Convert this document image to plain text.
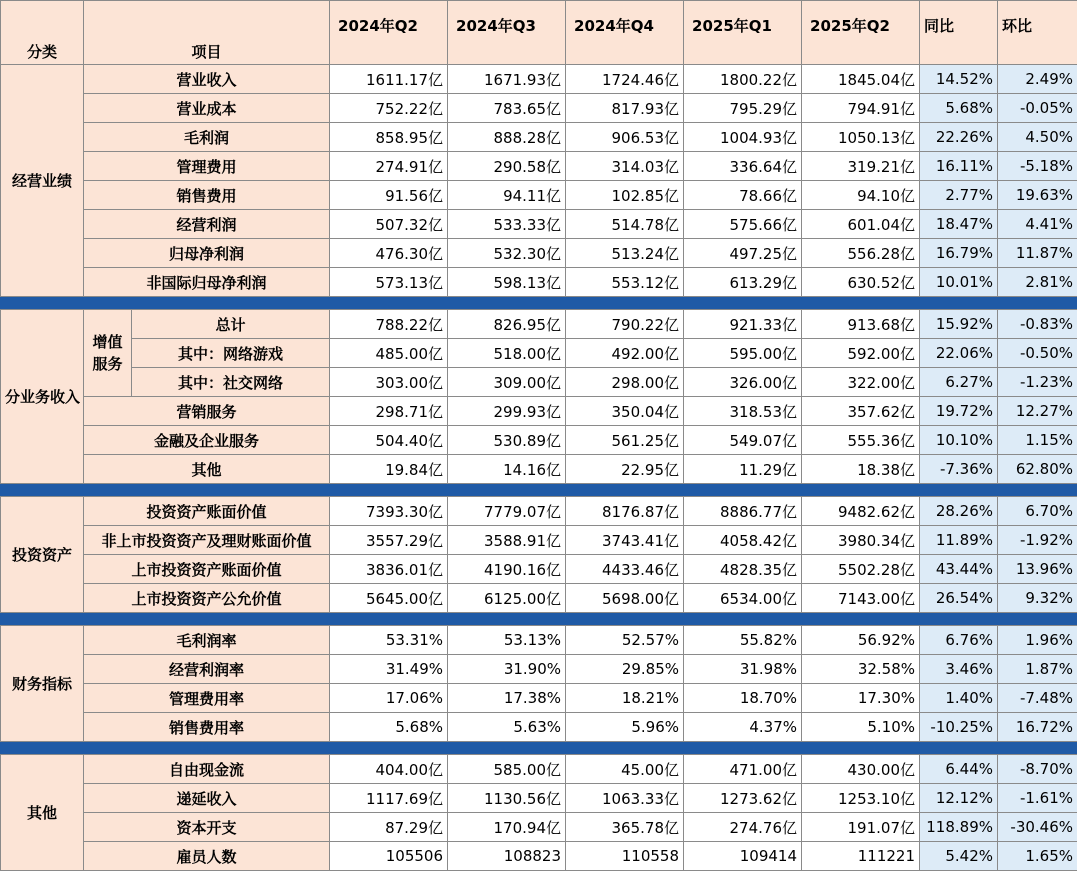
分类	项目		2024年Q2	2024年Q3	2024年Q4	2025年Q1	2025年Q2	同比	环比
经营业绩	营业收入		1611.17亿	1671.93亿	1724.46亿	1800.22亿	1845.04亿	14.52%	2.49%
	营业成本		752.22亿	783.65亿	817.93亿	795.29亿	794.91亿	5.68%	-0.05%
	毛利润		858.95亿	888.28亿	906.53亿	1004.93亿	1050.13亿	22.26%	4.50%
	管理费用		274.91亿	290.58亿	314.03亿	336.64亿	319.21亿	16.11%	-5.18%
	销售费用		91.56亿	94.11亿	102.85亿	78.66亿	94.10亿	2.77%	19.63%
	经营利润		507.32亿	533.33亿	514.78亿	575.66亿	601.04亿	18.47%	4.41%
	归母净利润		476.30亿	532.30亿	513.24亿	497.25亿	556.28亿	16.79%	11.87%
	非国际归母净利润		573.13亿	598.13亿	553.12亿	613.29亿	630.52亿	10.01%	2.81%

分业务收入	增值服务	总计	788.22亿	826.95亿	790.22亿	921.33亿	913.68亿	15.92%	-0.83%
		其中：网络游戏	485.00亿	518.00亿	492.00亿	595.00亿	592.00亿	22.06%	-0.50%
		其中：社交网络	303.00亿	309.00亿	298.00亿	326.00亿	322.00亿	6.27%	-1.23%
	营销服务		298.71亿	299.93亿	350.04亿	318.53亿	357.62亿	19.72%	12.27%
	金融及企业服务		504.40亿	530.89亿	561.25亿	549.07亿	555.36亿	10.10%	1.15%
	其他		19.84亿	14.16亿	22.95亿	11.29亿	18.38亿	-7.36%	62.80%

投资资产	投资资产账面价值		7393.30亿	7779.07亿	8176.87亿	8886.77亿	9482.62亿	28.26%	6.70%
	非上市投资资产及理财账面价值		3557.29亿	3588.91亿	3743.41亿	4058.42亿	3980.34亿	11.89%	-1.92%
	上市投资资产账面价值		3836.01亿	4190.16亿	4433.46亿	4828.35亿	5502.28亿	43.44%	13.96%
	上市投资资产公允价值		5645.00亿	6125.00亿	5698.00亿	6534.00亿	7143.00亿	26.54%	9.32%

财务指标	毛利润率		53.31%	53.13%	52.57%	55.82%	56.92%	6.76%	1.96%
	经营利润率		31.49%	31.90%	29.85%	31.98%	32.58%	3.46%	1.87%
	管理费用率		17.06%	17.38%	18.21%	18.70%	17.30%	1.40%	-7.48%
	销售费用率		5.68%	5.63%	5.96%	4.37%	5.10%	-10.25%	16.72%

其他	自由现金流		404.00亿	585.00亿	45.00亿	471.00亿	430.00亿	6.44%	-8.70%
	递延收入		1117.69亿	1130.56亿	1063.33亿	1273.62亿	1253.10亿	12.12%	-1.61%
	资本开支		87.29亿	170.94亿	365.78亿	274.76亿	191.07亿	118.89%	-30.46%
	雇员人数		105506	108823	110558	109414	111221	5.42%	1.65%
